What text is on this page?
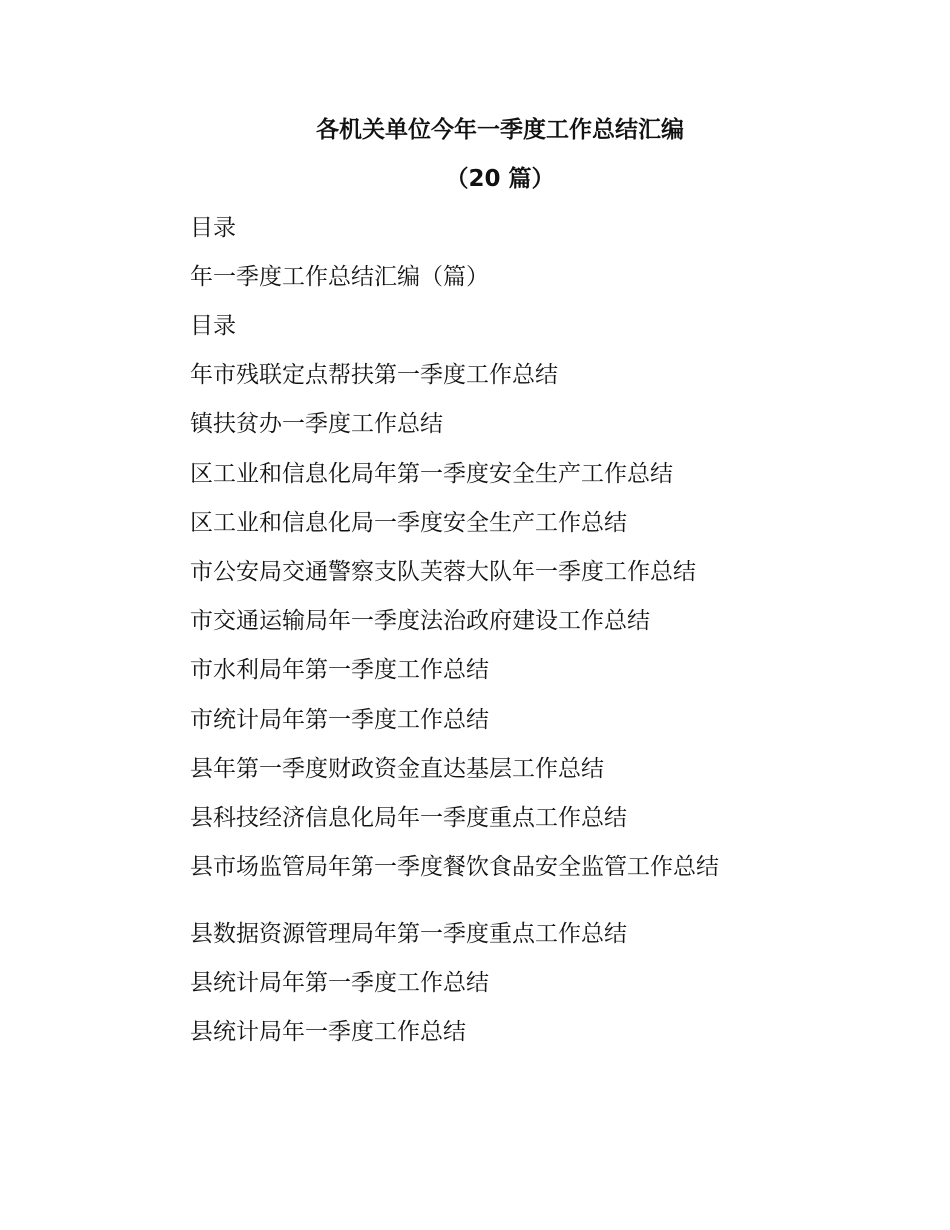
各机关单位今年一季度工作总结汇编
（20 篇）
目录
年一季度工作总结汇编（篇）
目录
年市残联定点帮扶第一季度工作总结
镇扶贫办一季度工作总结
区工业和信息化局年第一季度安全生产工作总结
区工业和信息化局一季度安全生产工作总结
市公安局交通警察支队芙蓉大队年一季度工作总结
市交通运输局年一季度法治政府建设工作总结
市水利局年第一季度工作总结
市统计局年第一季度工作总结
县年第一季度财政资金直达基层工作总结
县科技经济信息化局年一季度重点工作总结
县市场监管局年第一季度餐饮食品安全监管工作总结
县数据资源管理局年第一季度重点工作总结
县统计局年第一季度工作总结
县统计局年一季度工作总结
